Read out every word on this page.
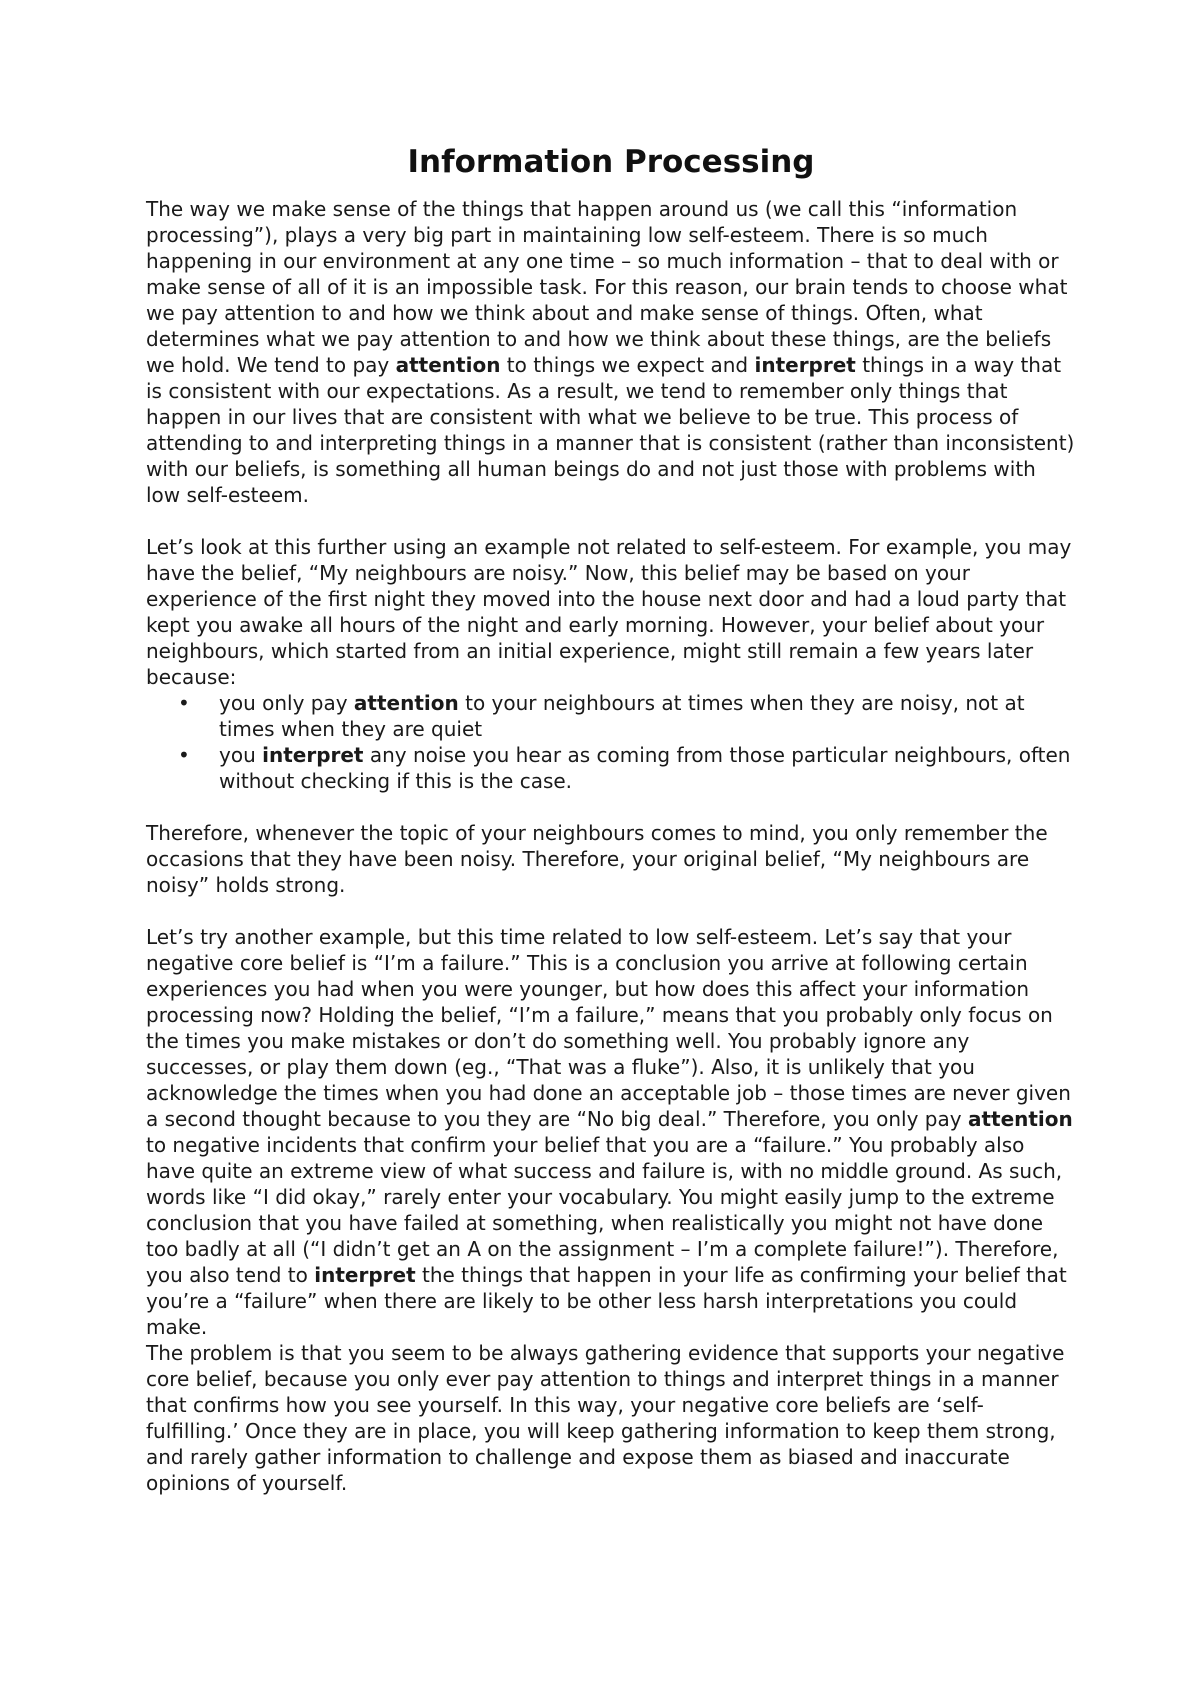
Information Processing

The way we make sense of the things that happen around us (we call this “information processing”), plays a very big part in maintaining low self-esteem. There is so much happening in our environment at any one time – so much information – that to deal with or make sense of all of it is an impossible task. For this reason, our brain tends to choose what we pay attention to and how we think about and make sense of things. Often, what determines what we pay attention to and how we think about these things, are the beliefs we hold. We tend to pay attention to things we expect and interpret things in a way that is consistent with our expectations. As a result, we tend to remember only things that happen in our lives that are consistent with what we believe to be true. This process of attending to and interpreting things in a manner that is consistent (rather than inconsistent) with our beliefs, is something all human beings do and not just those with problems with low self-esteem.

Let’s look at this further using an example not related to self-esteem. For example, you may have the belief, “My neighbours are noisy.” Now, this belief may be based on your experience of the first night they moved into the house next door and had a loud party that kept you awake all hours of the night and early morning. However, your belief about your neighbours, which started from an initial experience, might still remain a few years later because:

• you only pay attention to your neighbours at times when they are noisy, not at times when they are quiet
• you interpret any noise you hear as coming from those particular neighbours, often without checking if this is the case.

Therefore, whenever the topic of your neighbours comes to mind, you only remember the occasions that they have been noisy. Therefore, your original belief, “My neighbours are noisy” holds strong.

Let’s try another example, but this time related to low self-esteem. Let’s say that your negative core belief is “I’m a failure.” This is a conclusion you arrive at following certain experiences you had when you were younger, but how does this affect your information processing now? Holding the belief, “I’m a failure,” means that you probably only focus on the times you make mistakes or don’t do something well. You probably ignore any successes, or play them down (eg., “That was a fluke”). Also, it is unlikely that you acknowledge the times when you had done an acceptable job – those times are never given a second thought because to you they are “No big deal.” Therefore, you only pay attention to negative incidents that confirm your belief that you are a “failure.” You probably also have quite an extreme view of what success and failure is, with no middle ground. As such, words like “I did okay,” rarely enter your vocabulary. You might easily jump to the extreme conclusion that you have failed at something, when realistically you might not have done too badly at all (“I didn’t get an A on the assignment – I’m a complete failure!”). Therefore, you also tend to interpret the things that happen in your life as confirming your belief that you’re a “failure” when there are likely to be other less harsh interpretations you could make.

The problem is that you seem to be always gathering evidence that supports your negative core belief, because you only ever pay attention to things and interpret things in a manner that confirms how you see yourself. In this way, your negative core beliefs are ‘self-fulfilling.’ Once they are in place, you will keep gathering information to keep them strong, and rarely gather information to challenge and expose them as biased and inaccurate opinions of yourself.
